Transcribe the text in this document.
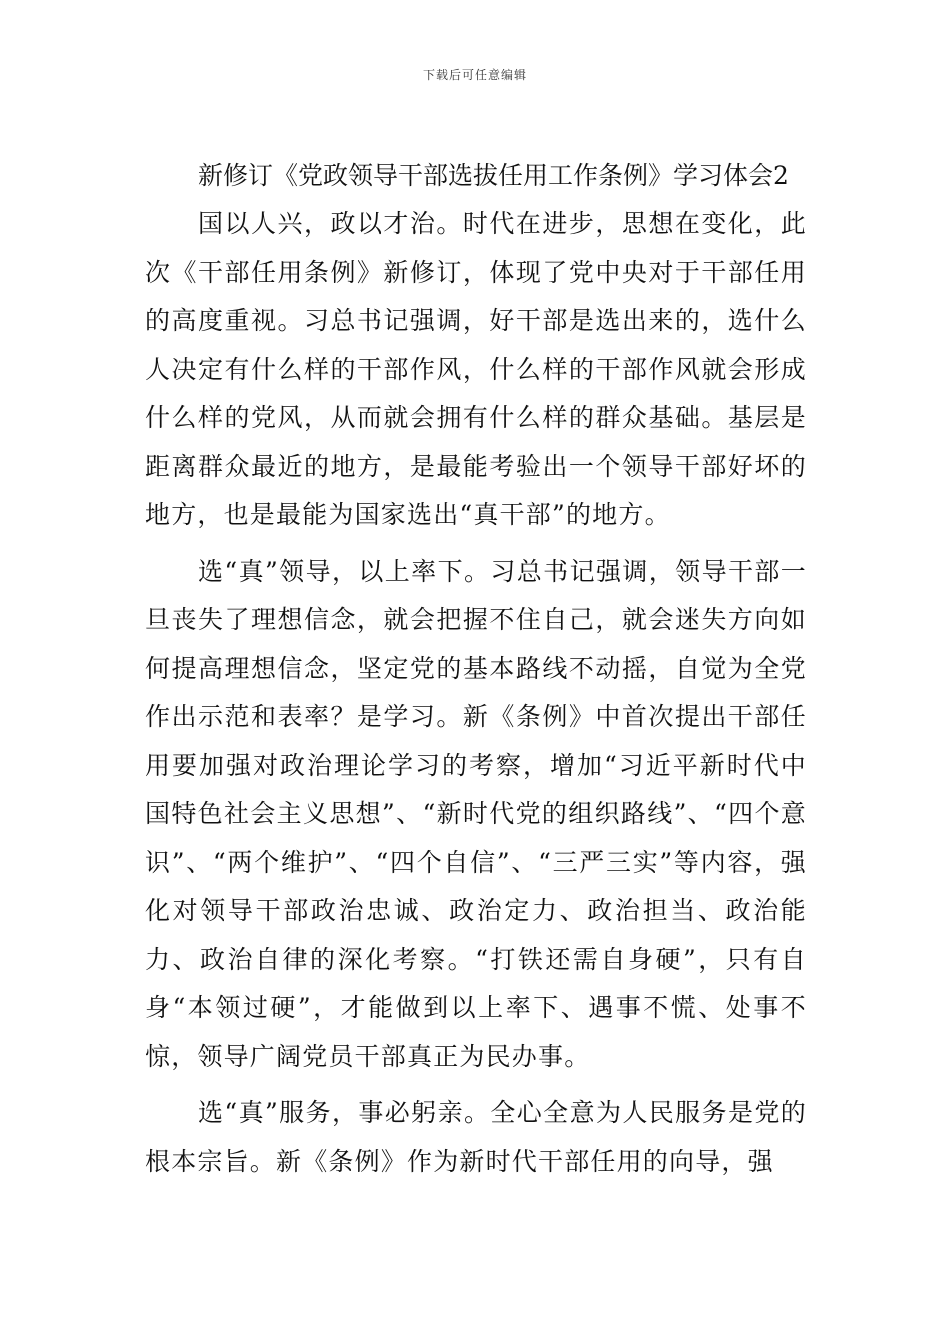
下载后可任意编辑
新修订《党政领导干部选拔任用工作条例》学习体会2

国以人兴，政以才治。时代在进步，思想在变化，此次《干部任用条例》新修订，体现了党中央对于干部任用的高度重视。习总书记强调，好干部是选出来的，选什么人决定有什么样的干部作风，什么样的干部作风就会形成什么样的党风，从而就会拥有什么样的群众基础。基层是距离群众最近的地方，是最能考验出一个领导干部好坏的地方，也是最能为国家选出“真干部”的地方。

选“真”领导，以上率下。习总书记强调，领导干部一旦丧失了理想信念，就会把握不住自己，就会迷失方向如何提高理想信念，坚定党的基本路线不动摇，自觉为全党作出示范和表率？是学习。新《条例》中首次提出干部任用要加强对政治理论学习的考察，增加“习近平新时代中国特色社会主义思想”、“新时代党的组织路线”、“四个意识”、“两个维护”、“四个自信”、“三严三实”等内容，强化对领导干部政治忠诚、政治定力、政治担当、政治能力、政治自律的深化考察。“打铁还需自身硬”，只有自身“本领过硬”，才能做到以上率下、遇事不慌、处事不惊，领导广阔党员干部真正为民办事。

选“真”服务，事必躬亲。全心全意为人民服务是党的根本宗旨。新《条例》作为新时代干部任用的向导，强
